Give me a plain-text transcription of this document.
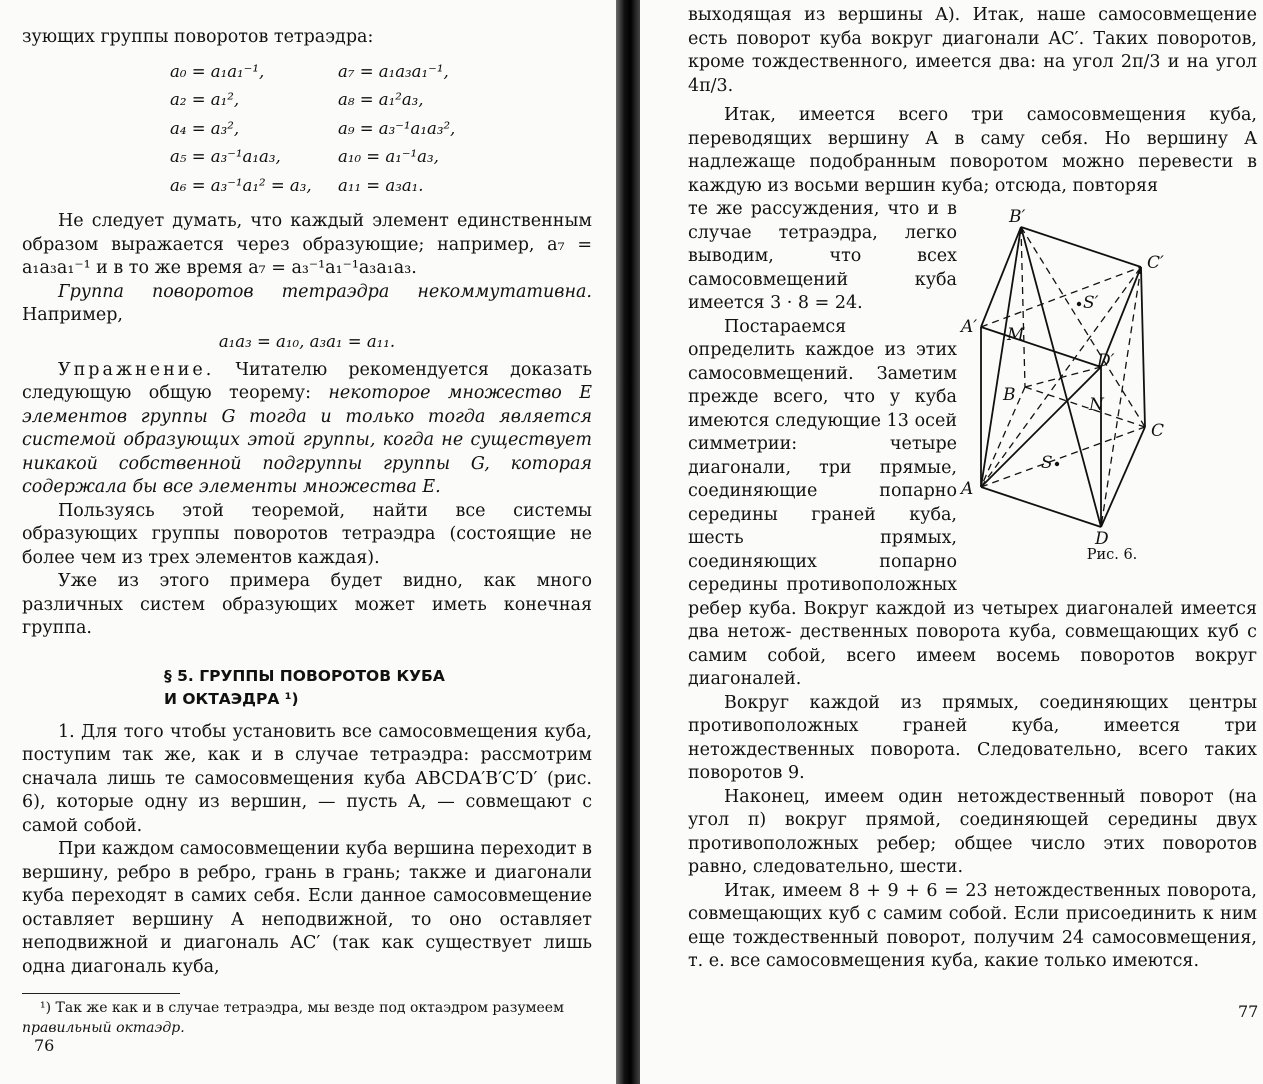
зующих группы поворотов тетраэдра:

a₀ = a₁a₁⁻¹,	a₇ = a₁a₃a₁⁻¹,
a₂ = a₁²,	a₈ = a₁²a₃,
a₄ = a₃²,	a₉ = a₃⁻¹a₁a₃²,
a₅ = a₃⁻¹a₁a₃,	a₁₀ = a₁⁻¹a₃,
a₆ = a₃⁻¹a₁² = a₃,	a₁₁ = a₃a₁.

Не следует думать, что каждый элемент единственным образом выражается через образующие; например, a₇ = a₁a₃a₁⁻¹ и в то же время a₇ = a₃⁻¹a₁⁻¹a₃a₁a₃.

Группа поворотов тетраэдра некоммутативна. Например,

a₁a₃ = a₁₀, a₃a₁ = a₁₁.

Упражнение. Читателю рекомендуется доказать следующую общую теорему: некоторое множество E элементов группы G тогда и только тогда является системой образующих этой группы, когда не существует никакой собственной подгруппы группы G, которая содержала бы все элементы множества E.

Пользуясь этой теоремой, найти все системы образующих группы поворотов тетраэдра (состоящие не более чем из трех элементов каждая).

Уже из этого примера будет видно, как много различных систем образующих может иметь конечная группа.

§ 5. ГРУППЫ ПОВОРОТОВ КУБА
И ОКТАЭДРА ¹)

1. Для того чтобы установить все самосовмещения куба, поступим так же, как и в случае тетраэдра: рассмотрим сначала лишь те самосовмещения куба ABCDA′B′C′D′ (рис. 6), которые одну из вершин, — пусть A, — совмещают с самой собой.

При каждом самосовмещении куба вершина переходит в вершину, ребро в ребро, грань в грань; также и диагонали куба переходят в самих себя. Если данное самосовмещение оставляет вершину A неподвижной, то оно оставляет неподвижной и диагональ AC′ (так как существует лишь одна диагональ куба,

¹) Так же как и в случае тетраэдра, мы везде под октаэдром разумеем правильный октаэдр.

76

выходящая из вершины A). Итак, наше самосовмещение есть поворот куба вокруг диагонали AC′. Таких поворотов, кроме тождественного, имеется два: на угол 2π/3 и на угол 4π/3.

Итак, имеется всего три самосовмещения куба, переводящих вершину A в саму себя. Но вершину A надлежаще подобранным поворотом можно перевести в каждую из восьми вершин куба; отсюда, повторяя

B′
C′
A′ M
S′
D′
B	N
C
S
A
D
Рис. 6.

те же рассуждения, что и в случае тетраэдра, легко выводим, что всех самосовмещений куба имеется 3 · 8 = 24.

Постараемся определить каждое из этих самосовмещений. Заметим прежде всего, что у куба имеются следующие 13 осей симметрии: четыре диагонали, три прямые, соединяющие попарно середины граней куба, шесть прямых, соединяющих попарно середины противоположных ребер куба. Вокруг каждой из четырех диагоналей имеется два нетож- дественных поворота куба, совмещающих куб с самим собой, всего имеем восемь поворотов вокруг диагоналей.

Вокруг каждой из прямых, соединяющих центры противоположных граней куба, имеется три нетождественных поворота. Следовательно, всего таких поворотов 9.

Наконец, имеем один нетождественный поворот (на угол π) вокруг прямой, соединяющей середины двух противоположных ребер; общее число этих поворотов равно, следовательно, шести.

Итак, имеем 8 + 9 + 6 = 23 нетождественных поворота, совмещающих куб с самим собой. Если присоединить к ним еще тождественный поворот, получим 24 самосовмещения, т. е. все самосовмещения куба, какие только имеются.

77
